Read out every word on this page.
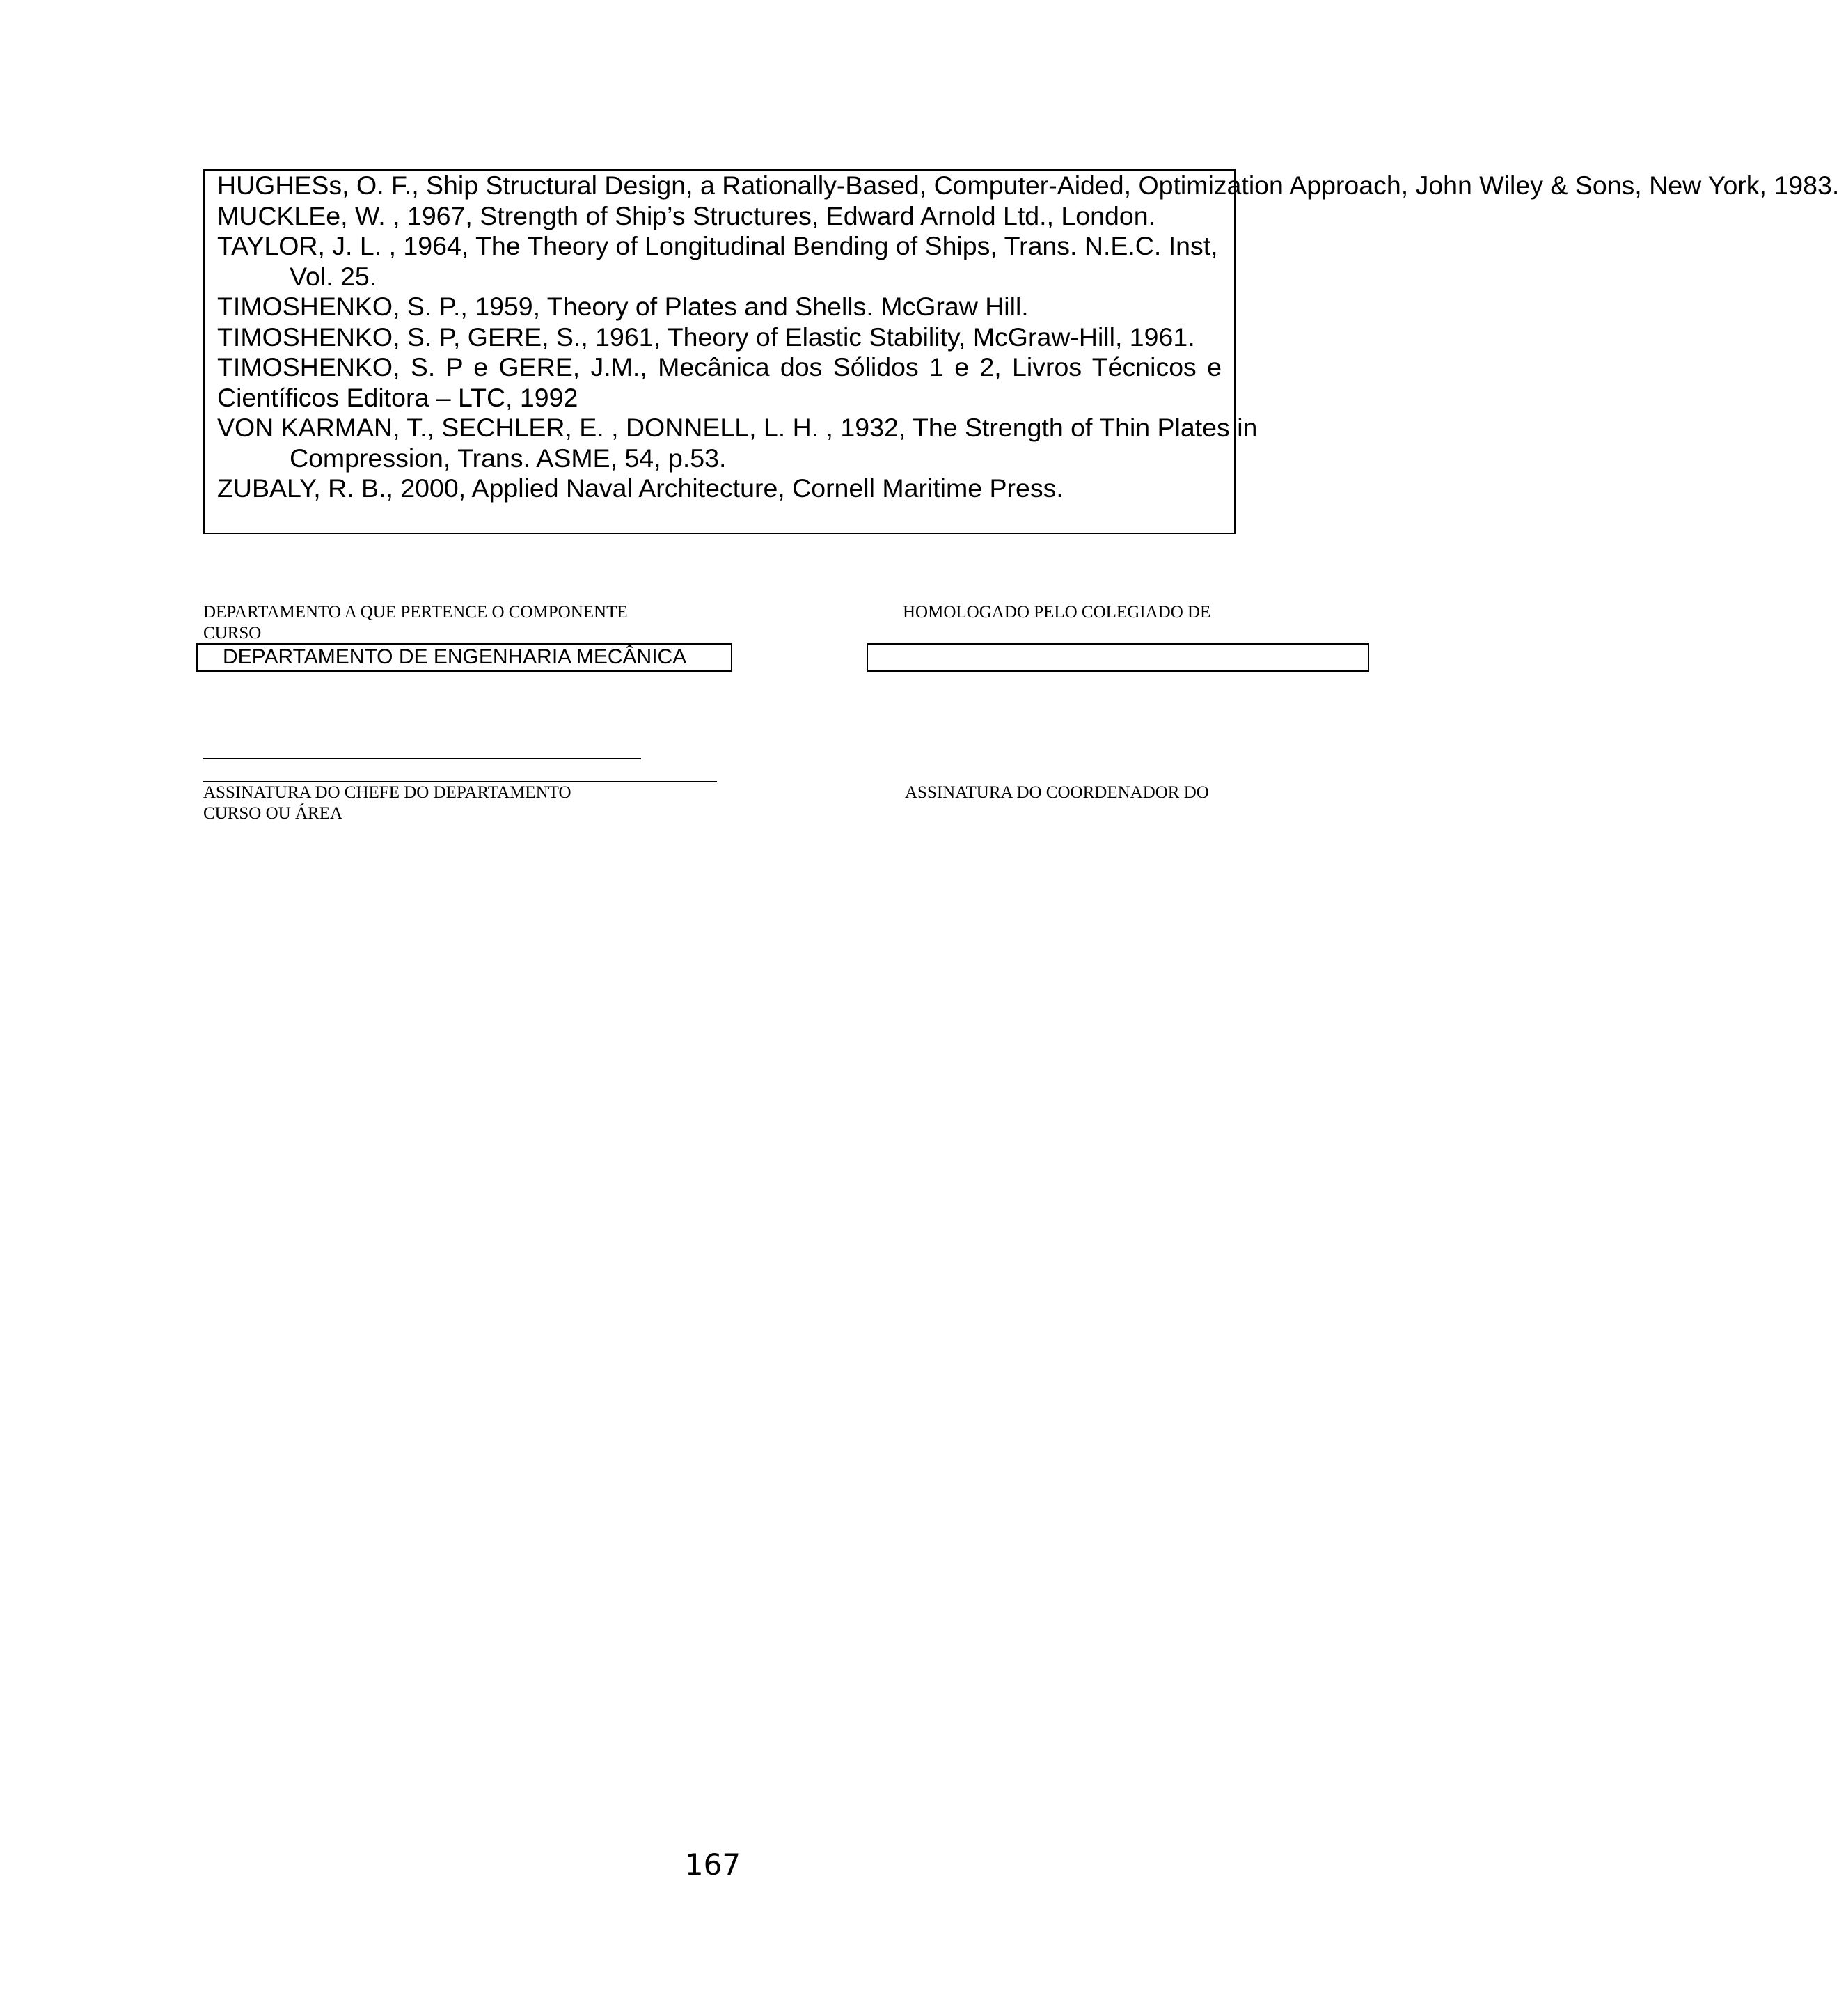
HUGHESs, O. F., Ship Structural Design, a Rationally-Based, Computer-Aided, Optimization Approach, John Wiley & Sons, New York, 1983.
MUCKLEe, W. , 1967, Strength of Ship’s Structures, Edward Arnold Ltd., London.
TAYLOR, J. L. , 1964, The Theory of Longitudinal Bending of Ships, Trans. N.E.C. Inst, Vol. 25.
TIMOSHENKO, S. P., 1959, Theory of Plates and Shells. McGraw Hill.
TIMOSHENKO, S. P, GERE, S., 1961, Theory of Elastic Stability, McGraw-Hill, 1961.
TIMOSHENKO, S. P e GERE, J.M., Mecânica dos Sólidos 1 e 2, Livros Técnicos e Científicos Editora – LTC, 1992
VON KARMAN, T., SECHLER, E. , DONNELL, L. H. , 1932, The Strength of Thin Plates in Compression, Trans. ASME, 54, p.53.
ZUBALY, R. B., 2000, Applied Naval Architecture, Cornell Maritime Press.
DEPARTAMENTO A QUE PERTENCE O COMPONENTE
CURSO
HOMOLOGADO PELO COLEGIADO DE
DEPARTAMENTO DE ENGENHARIA MECÂNICA
ASSINATURA DO CHEFE DO DEPARTAMENTO
CURSO OU ÁREA
ASSINATURA DO COORDENADOR DO
167
